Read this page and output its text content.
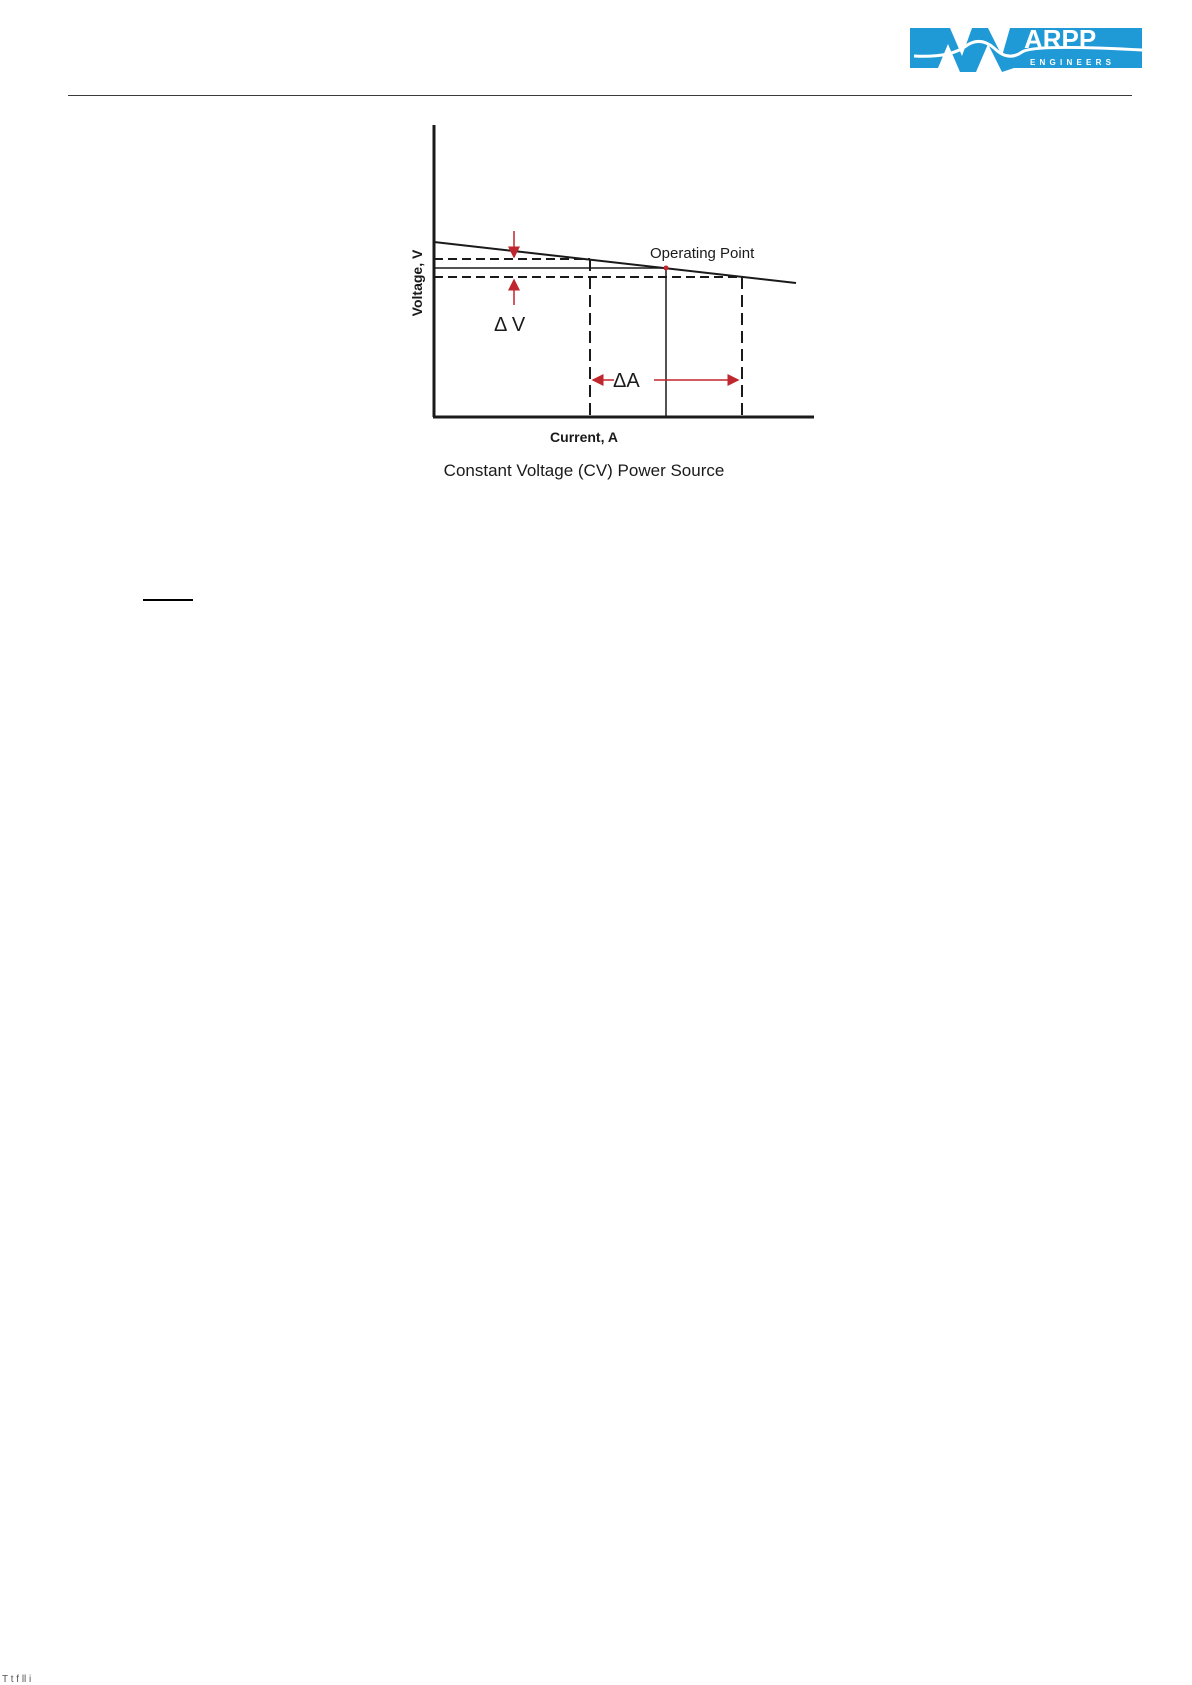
ARPP
E N G I N E E R S
Operating Point
Δ V
ΔA
Current, A
Voltage, V
Constant Voltage (CV) Power Source
T t f ll i
